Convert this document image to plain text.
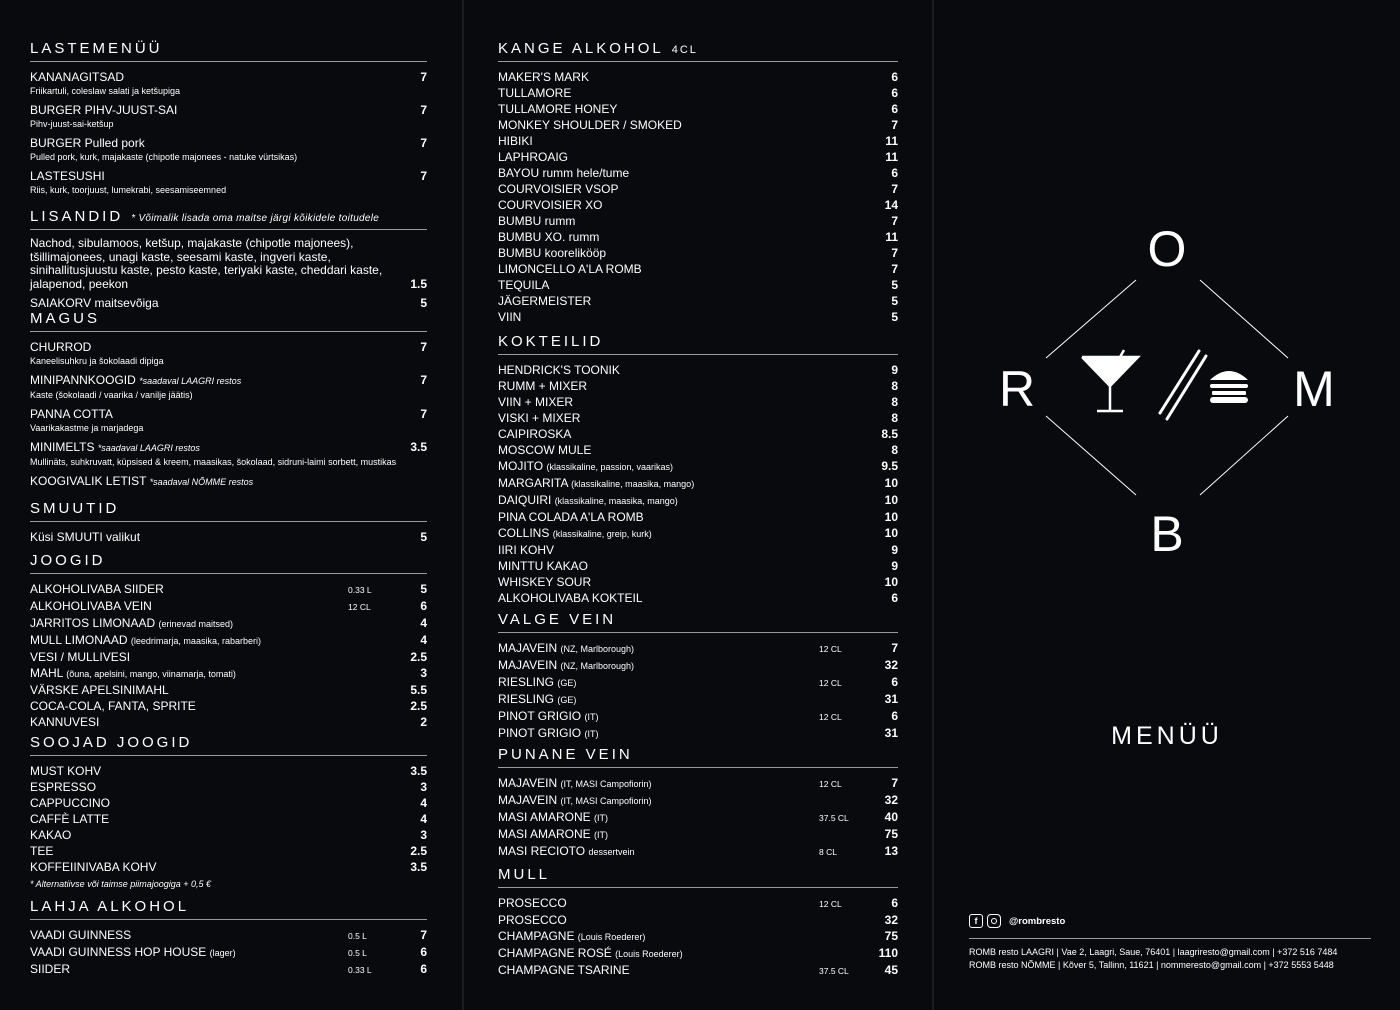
LASTEMENÜÜ
KANANAGITSAD	7
Friikartuli, coleslaw salati ja ketšupiga
BURGER PIHV-JUUST-SAI	7
Pihv-juust-sai-ketšup
BURGER Pulled pork	7
Pulled pork, kurk, majakaste (chipotle majonees - natuke vürtsikas)
LASTESUSHI	7
Riis, kurk, toorjuust, lumekrabi, seesamiseemned
LISANDID * Võimalik lisada oma maitse järgi kõikidele toitudele
Nachod, sibulamoos, ketšup, majakaste (chipotle majonees), tšillimajonees, unagi kaste, seesami kaste, ingveri kaste, sinihallitusjuustu kaste, pesto kaste, teriyaki kaste, cheddari kaste, jalapenod, peekon	1.5
SAIAKORV maitsevõiga	5
MAGUS
CHURROD	7
Kaneelisuhkru ja šokolaadi dipiga
MINIPANNKOOGID *saadaval LAAGRI restos	7
Kaste (šokolaadi / vaarika / vanilje jäätis)
PANNA COTTA	7
Vaarikakastme ja marjadega
MINIMELTS *saadaval LAAGRI restos	3.5
Mullinäts, suhkruvatt, küpsised & kreem, maasikas, šokolaad, sidruni-laimi sorbett, mustikas
KOOGIVALIK LETIST *saadaval NÕMME restos
SMUUTID
Küsi SMUUTI valikut	5
JOOGID
ALKOHOLIVABA SIIDER	0.33 L	5
ALKOHOLIVABA VEIN	12 CL	6
JARRITOS LIMONAAD (erinevad maitsed)	4
MULL LIMONAAD (leedrimarja, maasika, rabarberi)	4
VESI / MULLIVESI	2.5
MAHL (õuna, apelsini, mango, viinamarja, tomati)	3
VÄRSKE APELSINIMAHL	5.5
COCA-COLA, FANTA, SPRITE	2.5
KANNUVESI	2
SOOJAD JOOGID
MUST KOHV	3.5
ESPRESSO	3
CAPPUCCINO	4
CAFFÈ LATTE	4
KAKAO	3
TEE	2.5
KOFFEIINIVABA KOHV	3.5
* Alternatiivse või taimse piimajoogiga + 0,5 €
LAHJA ALKOHOL
VAADI GUINNESS	0.5 L	7
VAADI GUINNESS HOP HOUSE (lager)	0.5 L	6
SIIDER	0.33 L	6
KANGE ALKOHOL 4CL
MAKER'S MARK	6
TULLAMORE	6
TULLAMORE HONEY	6
MONKEY SHOULDER / SMOKED	7
HIBIKI	11
LAPHROAIG	11
BAYOU rumm hele/tume	6
COURVOISIER VSOP	7
COURVOISIER XO	14
BUMBU rumm	7
BUMBU XO. rumm	11
BUMBU koorelikööр	7
LIMONCELLO A'LA ROMB	7
TEQUILA	5
JÄGERMEISTER	5
VIIN	5
KOKTEILID
HENDRICK'S TOONIK	9
RUMM + MIXER	8
VIIN + MIXER	8
VISKI + MIXER	8
CAIPIROSKA	8.5
MOSCOW MULE	8
MOJITO (klassikaline, passion, vaarikas)	9.5
MARGARITA (klassikaline, maasika, mango)	10
DAIQUIRI (klassikaline, maasika, mango)	10
PINA COLADA A'LA ROMB	10
COLLINS (klassikaline, greip, kurk)	10
IIRI KOHV	9
MINTTU KAKAO	9
WHISKEY SOUR	10
ALKOHOLIVABA KOKTEIL	6
VALGE VEIN
MAJAVEIN (NZ, Marlborough)	12 CL	7
MAJAVEIN (NZ, Marlborough)	32
RIESLING (GE)	12 CL	6
RIESLING (GE)	31
PINOT GRIGIO (IT)	12 CL	6
PINOT GRIGIO (IT)	31
PUNANE VEIN
MAJAVEIN (IT, MASI Campofiorin)	12 CL	7
MAJAVEIN (IT, MASI Campofiorin)	32
MASI AMARONE (IT)	37.5 CL	40
MASI AMARONE (IT)	75
MASI RECIOTO dessertvein	8 CL	13
MULL
PROSECCO	12 CL	6
PROSECCO	32
CHAMPAGNE (Louis Roederer)	75
CHAMPAGNE ROSÉ (Louis Roederer)	110
CHAMPAGNE TSARINE	37.5 CL	45
O
R	M
B
MENÜÜ
f	@rombresto
ROMB resto LAAGRI | Vae 2, Laagri, Saue, 76401 | laagriresto@gmail.com | +372 516 7484
ROMB resto NÕMME | Kõver 5, Tallinn, 11621 | nommeresto@gmail.com | +372 5553 5448
